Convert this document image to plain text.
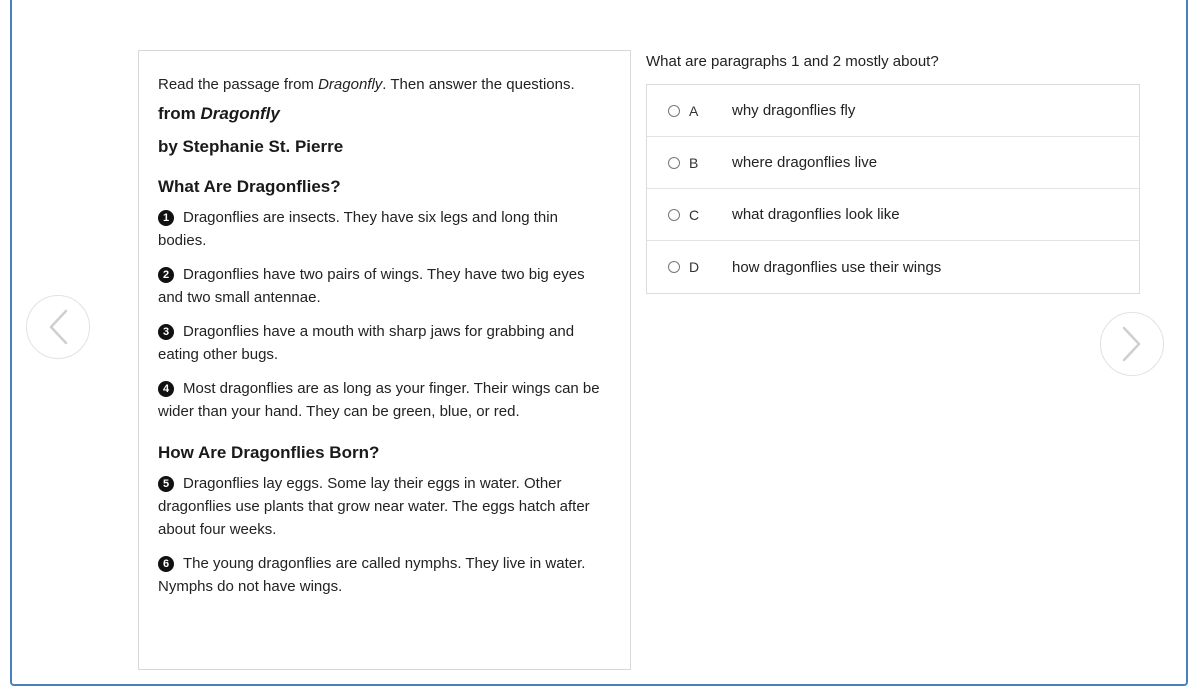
Read the passage from Dragonfly. Then answer the questions.

from Dragonfly

by Stephanie St. Pierre

What Are Dragonflies?

1 Dragonflies are insects. They have six legs and long thin bodies.

2 Dragonflies have two pairs of wings. They have two big eyes and two small antennae.

3 Dragonflies have a mouth with sharp jaws for grabbing and eating other bugs.

4 Most dragonflies are as long as your finger. Their wings can be wider than your hand. They can be green, blue, or red.

How Are Dragonflies Born?

5 Dragonflies lay eggs. Some lay their eggs in water. Other dragonflies use plants that grow near water. The eggs hatch after about four weeks.

6 The young dragonflies are called nymphs. They live in water. Nymphs do not have wings.

What are paragraphs 1 and 2 mostly about?
A	why dragonflies fly
B	where dragonflies live
C	what dragonflies look like
D	how dragonflies use their wings
